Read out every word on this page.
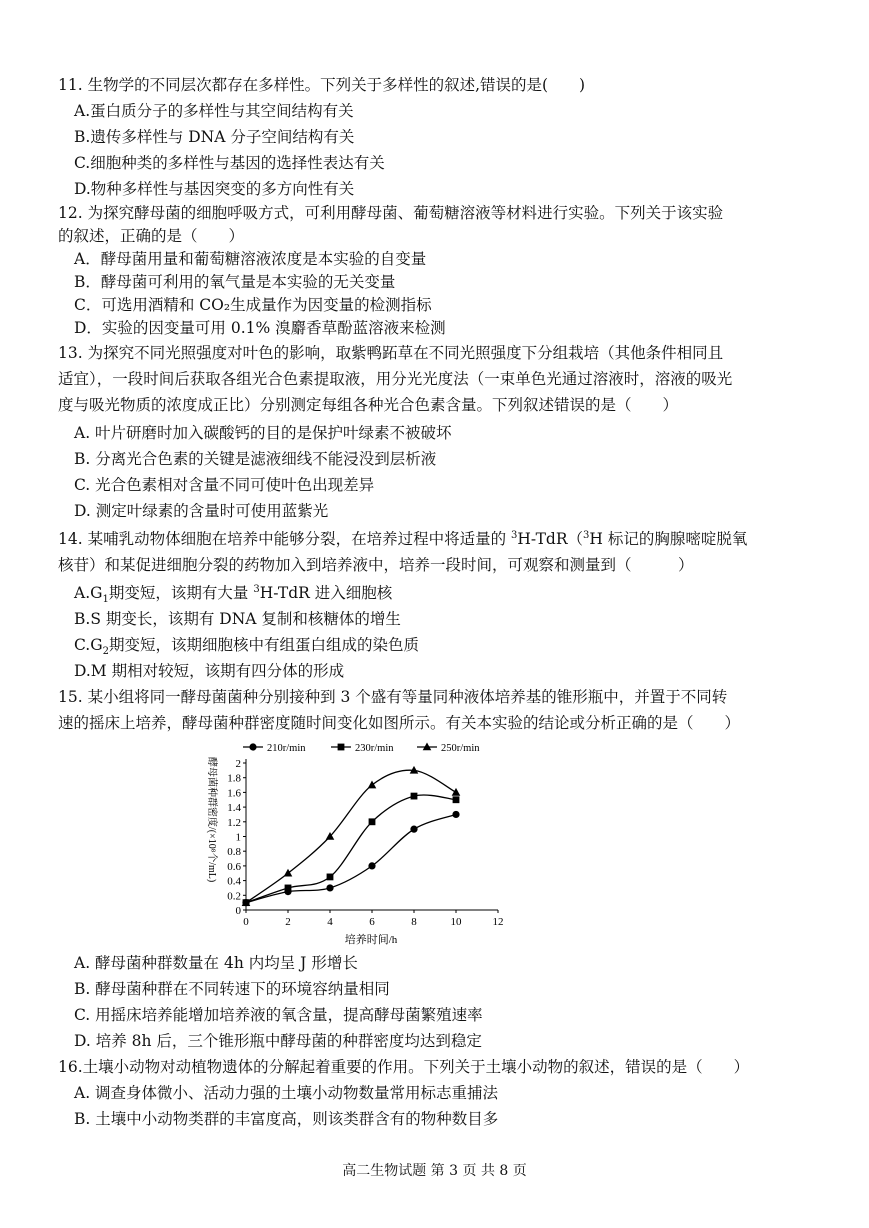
11. 生物学的不同层次都存在多样性。下列关于多样性的叙述,错误的是(　　)
A.蛋白质分子的多样性与其空间结构有关
B.遗传多样性与 DNA 分子空间结构有关
C.细胞种类的多样性与基因的选择性表达有关
D.物种多样性与基因突变的多方向性有关
12. 为探究酵母菌的细胞呼吸方式，可利用酵母菌、葡萄糖溶液等材料进行实验。下列关于该实验
的叙述，正确的是（　　）
A．酵母菌用量和葡萄糖溶液浓度是本实验的自变量
B．酵母菌可利用的氧气量是本实验的无关变量
C．可选用酒精和 CO₂生成量作为因变量的检测指标
D．实验的因变量可用 0.1% 溴麝香草酚蓝溶液来检测
13. 为探究不同光照强度对叶色的影响，取紫鸭跖草在不同光照强度下分组栽培（其他条件相同且
适宜），一段时间后获取各组光合色素提取液，用分光光度法（一束单色光通过溶液时，溶液的吸光
度与吸光物质的浓度成正比）分别测定每组各种光合色素含量。下列叙述错误的是（　　）
A. 叶片研磨时加入碳酸钙的目的是保护叶绿素不被破坏
B. 分离光合色素的关键是滤液细线不能浸没到层析液
C. 光合色素相对含量不同可使叶色出现差异
D. 测定叶绿素的含量时可使用蓝紫光
14. 某哺乳动物体细胞在培养中能够分裂，在培养过程中将适量的 $^3$H-TdR（$^3$H 标记的胸腺嘧啶脱氧
核苷）和某促进细胞分裂的药物加入到培养液中，培养一段时间，可观察和测量到（　　　）
$A.G_1$期变短，该期有大量 $^3$H-TdR 进入细胞核
B.S 期变长，该期有 DNA 复制和核糖体的增生
$C.G_2$期变短，该期细胞核中有组蛋白组成的染色质
D.M 期相对较短，该期有四分体的形成
15. 某小组将同一酵母菌菌种分别接种到 3 个盛有等量同种液体培养基的锥形瓶中，并置于不同转
速的摇床上培养，酵母菌种群密度随时间变化如图所示。有关本实验的结论或分析正确的是（　　）
210r/min	230r/min	250r/min
酵母菌种群密度/(×10⁸个/mL)
0	2	4	6	8	10	12
0
0.2
0.4
0.6
0.8
1
1.2
1.4
1.6
1.8
2
培养时间/h
A. 酵母菌种群数量在 4h 内均呈 J 形增长
B. 酵母菌种群在不同转速下的环境容纳量相同
C. 用摇床培养能增加培养液的氧含量，提高酵母菌繁殖速率
D. 培养 8h 后，三个锥形瓶中酵母菌的种群密度均达到稳定
16.土壤小动物对动植物遗体的分解起着重要的作用。下列关于土壤小动物的叙述，错误的是（　　）
A. 调查身体微小、活动力强的土壤小动物数量常用标志重捕法
B. 土壤中小动物类群的丰富度高，则该类群含有的物种数目多
高二生物试题 第 3 页 共 8 页
